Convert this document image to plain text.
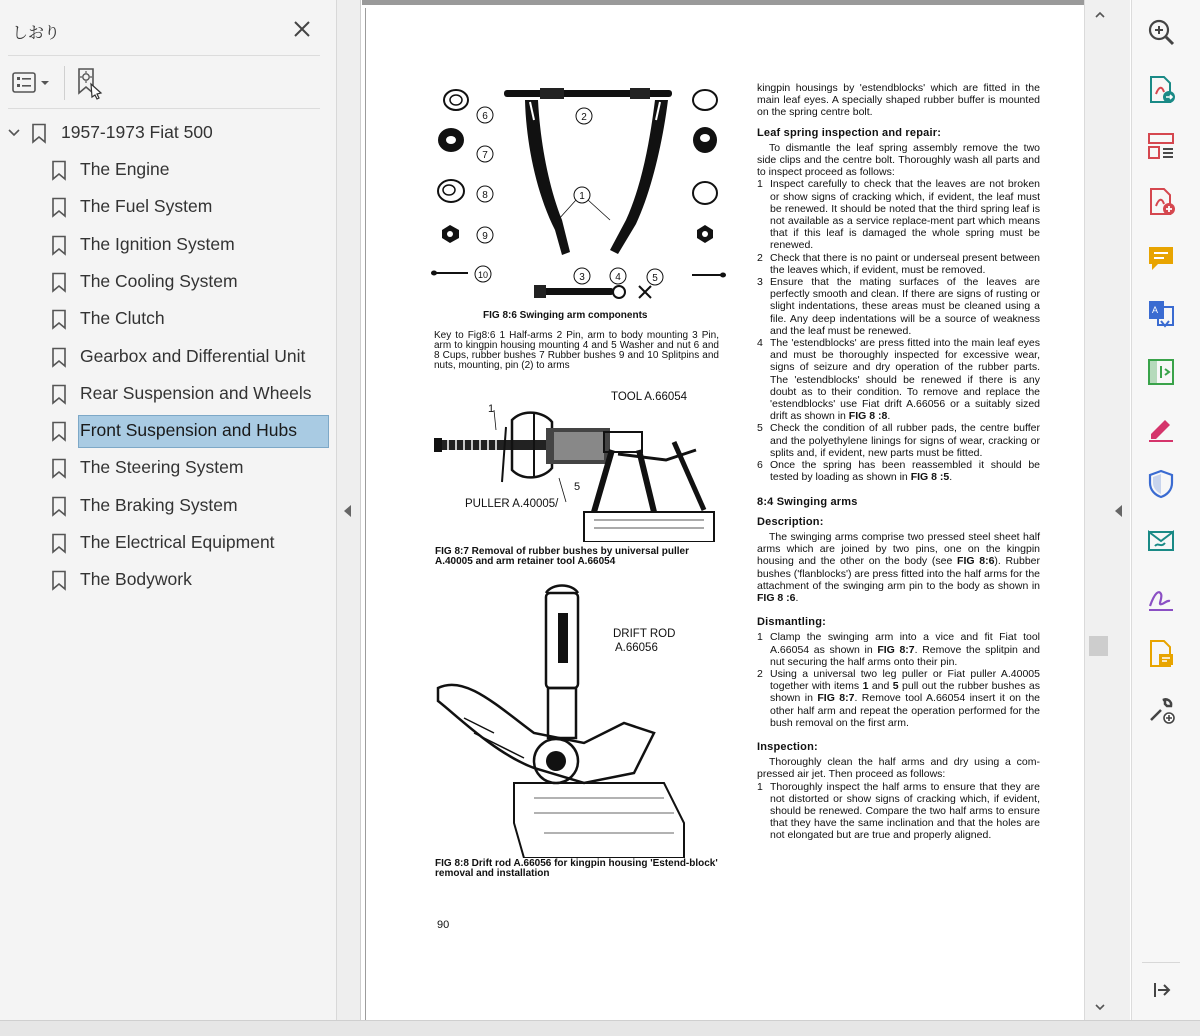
しおり
1957-1973 Fiat 500
The Engine
The Fuel System
The Ignition System
The Cooling System
The Clutch
Gearbox and Differential Unit
Rear Suspension and Wheels
Front Suspension and Hubs
The Steering System
The Braking System
The Electrical Equipment
The Bodywork
6
7
8
9
10
2
1
3	4	5
FIG 8:6 Swinging arm components
Key to Fig8:6 1 Half-arms 2 Pin, arm to body mounting 3 Pin, arm to kingpin housing mounting 4 and 5 Washer and nut 6 and 8 Cups, rubber bushes 7 Rubber bushes 9 and 10 Splitpins and nuts, mounting, pin (2) to arms
TOOL A.66054
1
5
PULLER A.40005/
FIG 8:7 Removal of rubber bushes by universal puller A.40005 and arm retainer tool A.66054
DRIFT ROD
A.66056
FIG 8:8 Drift rod A.66056 for kingpin housing 'Estend-block' removal and installation

kingpin housings by 'estendblocks' which are fitted in the main leaf eyes. A specially shaped rubber buffer is mounted on the spring centre bolt.

Leaf spring inspection and repair:

To dismantle the leaf spring assembly remove the two side clips and the centre bolt. Thoroughly wash all parts and to inspect proceed as follows:

1 Inspect carefully to check that the leaves are not broken or show signs of cracking which, if evident, the leaf must be renewed. It should be noted that the third spring leaf is not available as a service replace-ment part which means that if this leaf is damaged the whole spring must be renewed.
2 Check that there is no paint or underseal present between the leaves which, if evident, must be removed.
3 Ensure that the mating surfaces of the leaves are perfectly smooth and clean. If there are signs of rusting or slight indentations, these areas must be cleaned using a file. Any deep indentations will be a source of weakness and the leaf must be renewed.
4 The 'estendblocks' are press fitted into the main leaf eyes and must be thoroughly inspected for excessive wear, signs of seizure and dry operation of the rubber parts. The 'estendblocks' should be renewed if there is any doubt as to their condition. To remove and replace the 'estendblocks' use Fiat drift A.66056 or a suitably sized drift as shown in FIG 8 :8.
5 Check the condition of all rubber pads, the centre buffer and the polyethylene linings for signs of wear, cracking or splits and, if evident, new parts must be fitted.
6 Once the spring has been reassembled it should be tested by loading as shown in FIG 8 :5.
8:4 Swinging arms
Description:

The swinging arms comprise two pressed steel sheet half arms which are joined by two pins, one on the kingpin housing and the other on the body (see FIG 8:6). Rubber bushes ('flanblocks') are press fitted into the half arms for the attachment of the swinging arm pin to the body as shown in FIG 8 :6.

Dismantling:
1 Clamp the swinging arm into a vice and fit Fiat tool A.66054 as shown in FIG 8:7. Remove the splitpin and nut securing the half arms onto their pin.
2 Using a universal two leg puller or Fiat puller A.40005 together with items 1 and 5 pull out the rubber bushes as shown in FIG 8:7. Remove tool A.66054 insert it on the other half arm and repeat the operation performed for the bush removal on the first arm.
Inspection:

Thoroughly clean the half arms and dry using a com-pressed air jet. Then proceed as follows:

1 Thoroughly inspect the half arms to ensure that they are not distorted or show signs of cracking which, if evident, should be renewed. Compare the two half arms to ensure that they have the same inclination and that the holes are not elongated but are true and properly aligned.
90
A
